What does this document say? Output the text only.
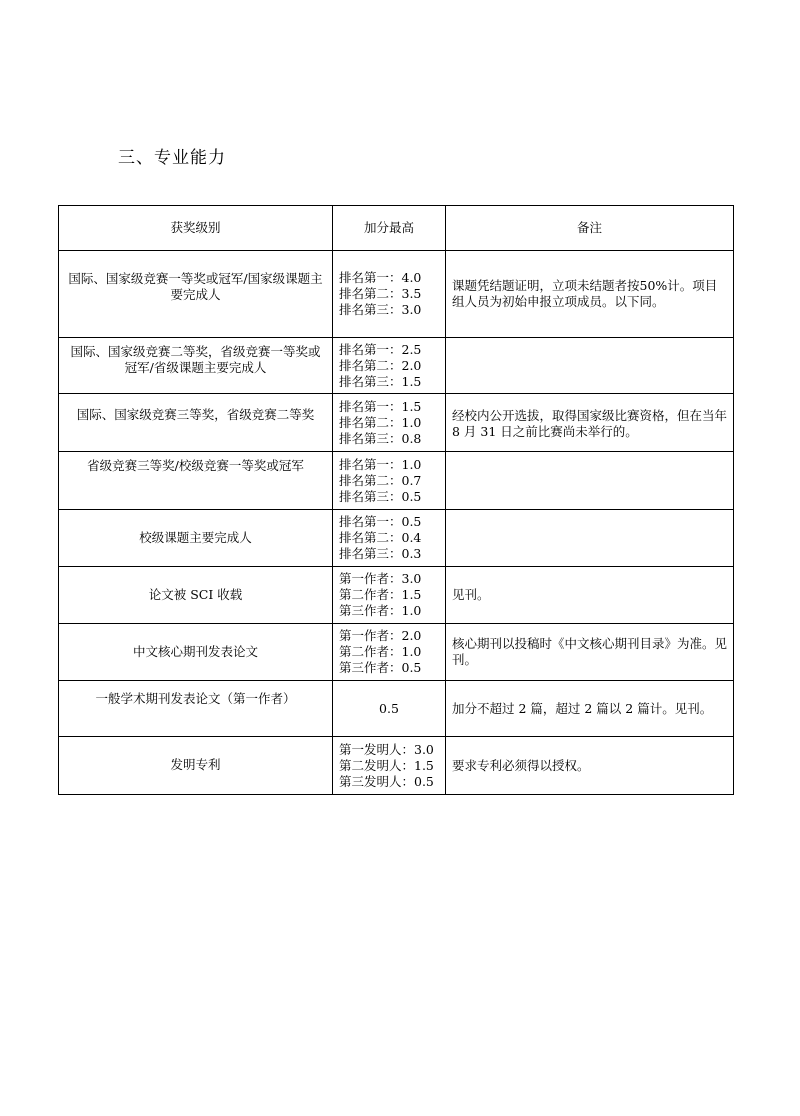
三、专业能力
获奖级别	加分最高	备注
国际、国家级竞赛一等奖或冠军/国家级课题主要完成人	排名第一：4.0
排名第二：3.5
排名第三：3.0	课题凭结题证明，立项未结题者按50%计。项目组人员为初始申报立项成员。以下同。
国际、国家级竞赛二等奖，省级竞赛一等奖或冠军/省级课题主要完成人	排名第一：2.5
排名第二：2.0
排名第三：1.5	

国际、国家级竞赛三等奖，省级竞赛二等奖	排名第一：1.5
排名第二：1.0
排名第三：0.8	经校内公开选拔，取得国家级比赛资格，但在当年8 月 31 日之前比赛尚未举行的。
省级竞赛三等奖/校级竞赛一等奖或冠军	排名第一：1.0
排名第二：0.7
排名第三：0.5	

校级课题主要完成人	排名第一：0.5
排名第二：0.4
排名第三：0.3	

论文被 SCI 收载	第一作者：3.0
第二作者：1.5
第三作者：1.0	见刊。
中文核心期刊发表论文	第一作者：2.0
第二作者：1.0
第三作者：0.5	核心期刊以投稿时《中文核心期刊目录》为准。见刊。
一般学术期刊发表论文（第一作者）	0.5	加分不超过 2 篇，超过 2 篇以 2 篇计。见刊。
发明专利	第一发明人：3.0
第二发明人：1.5
第三发明人：0.5	要求专利必须得以授权。
